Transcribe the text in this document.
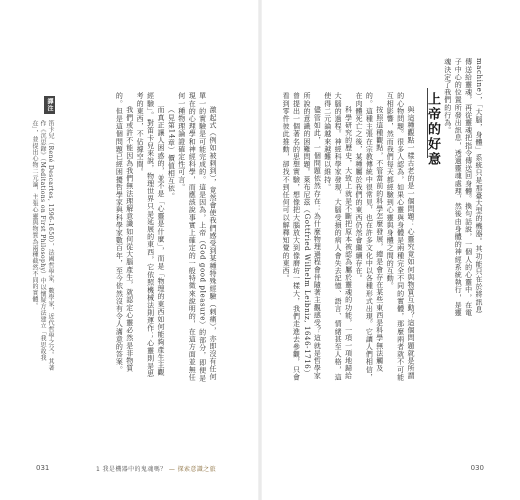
激起式（例如被刺到），竟然會使我們感受到某種特殊經驗（刺痛），亦即沒有任何單一的實驗是可能完成的。這是因為，上帝（God good pleasure）的部分，即便是現在的心理學和神經科學，而應該說事實上確定的一般特徵來說明的，在這方面並無任何一種物理論證確定性可言。

（見第14章）價值相互依。

而真正讓人困惑的，並不是「心靈是什麼」，而是「物理的東西如何能夠產生主觀經驗」。對笛卡兒來說，物理世界只是延展的東西，它依照機械法則運作；心靈則是思考的東西，不佔據空間。

我們或許不能因為我們無法理解意識如何從大腦產生，就認定心靈必然是非物質的。但是這個問題已經困擾哲學家與科學家數百年，至今依然沒有令人滿意的答案。

譯注
笛卡兒（René Descartes, 1596-1650），法國哲學家、數學家，近代哲學之父。其著作《沉思錄》（Meditations on First Philosophy）中以懷疑方法建立「我思故我在」，並提出心物二元論，主張心靈與物質為兩種截然不同的實體。
031	1 我是機器中的鬼魂嗎？ — 探索意識之旅
machine），「大腦，身體」系統只是那臺大型的機器。其功能只在於將訊息傳送給靈魂，再從靈魂把指令傳送回身體。換句話說，一個人的心靈中，在電子中心的位置所發出訊息，透過靈魂處理，然後由身體的神經系統執行，是靈魂決定了我們的行為。
上帝的好意

與這種觀點一樣古老的是一個問題：心靈究竟如何與物質互動？這個問題就是所謂的心物問題。很多人認為，如果心靈與身體是兩種完全不同的實體，那麼兩者就不可能互相影響，然而我們每天都經驗到心靈與身體之間的互動。

按照這種觀點，不管當前的科學怎麼發展，總是會存在某些東西是科學無法觸及的。這種主張在宗教傳統中很常見，也在許多文化中以各種形式出現。它讓人們相信，在肉體死亡之後，某種屬於我們的東西仍然會繼續存在。

科學研究的歷史，大致上就是不斷把原本被認為屬於靈魂的功能，一項一項地歸給大腦的過程。神經科學家發現，大腦受損的病人會失去記憶、語言、情緒甚至人格，這使得二元論越來越難以維持。

儘管如此，一個問題依然存在：為什麼物理過程會伴隨著主觀感受？這就是哲學家所說的意識的困難問題。萊布尼茲（Gottfried Wilhelm Leibniz, 1646-1716）曾提出一個著名的思想實驗，想像把大腦放大到像磨坊一樣大，我們走進去參觀，只會看到零件彼此推動，卻找不到任何可以解釋知覺的東西。

030
